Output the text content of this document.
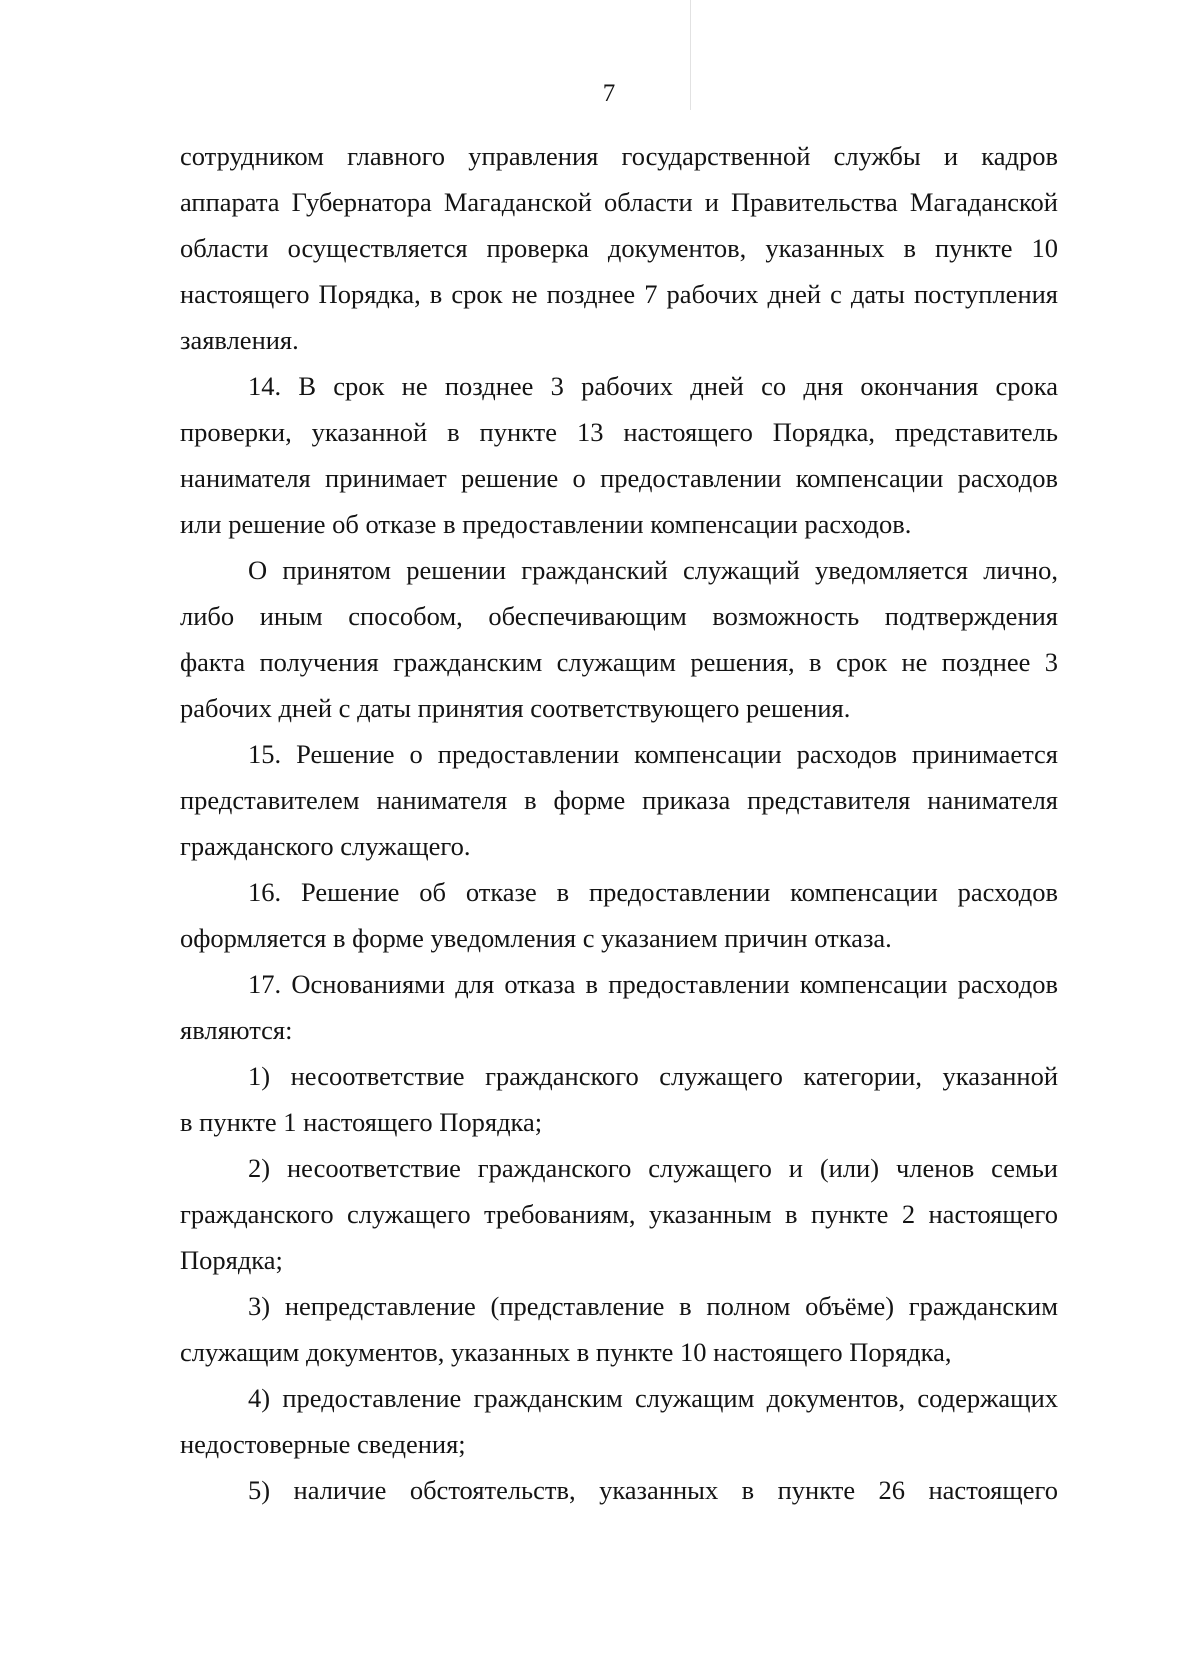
7
сотрудником главного управления государственной службы и кадров
аппарата Губернатора Магаданской области и Правительства Магаданской
области осуществляется проверка документов, указанных в пункте 10
настоящего Порядка, в срок не позднее 7 рабочих дней с даты поступления
заявления.
14. В срок не позднее 3 рабочих дней со дня окончания срока
проверки, указанной в пункте 13 настоящего Порядка, представитель
нанимателя принимает решение о предоставлении компенсации расходов
или решение об отказе в предоставлении компенсации расходов.
О принятом решении гражданский служащий уведомляется лично,
либо иным способом, обеспечивающим возможность подтверждения
факта получения гражданским служащим решения, в срок не позднее 3
рабочих дней с даты принятия соответствующего решения.
15. Решение о предоставлении компенсации расходов принимается
представителем нанимателя в форме приказа представителя нанимателя
гражданского служащего.
16. Решение об отказе в предоставлении компенсации расходов
оформляется в форме уведомления с указанием причин отказа.
17. Основаниями для отказа в предоставлении компенсации расходов
являются:
1) несоответствие гражданского служащего категории, указанной
в пункте 1 настоящего Порядка;
2) несоответствие гражданского служащего и (или) членов семьи
гражданского служащего требованиям, указанным в пункте 2 настоящего
Порядка;
3) непредставление (представление в полном объёме) гражданским
служащим документов, указанных в пункте 10 настоящего Порядка,
4) предоставление гражданским служащим документов, содержащих
недостоверные сведения;
5) наличие обстоятельств, указанных в пункте 26 настоящего
